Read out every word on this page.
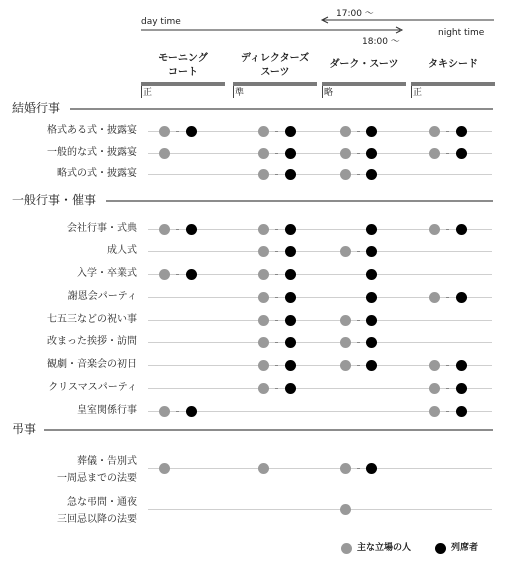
day time
night time
17:00 〜
18:00 〜
モーニング
コート
正
ディレクターズ
スーツ
準
ダーク・スーツ
略
タキシード
正
結婚行事
格式ある式・披露宴
一般的な式・披露宴
略式の式・披露宴
一般行事・催事
会社行事・式典
成人式
入学・卒業式
謝恩会パーティ
七五三などの祝い事
改まった挨拶・訪問
観劇・音楽会の初日
クリスマスパーティ
皇室関係行事
弔事
葬儀・告別式
一周忌までの法要
急な弔問・通夜
三回忌以降の法要
主な立場の人	列席者
